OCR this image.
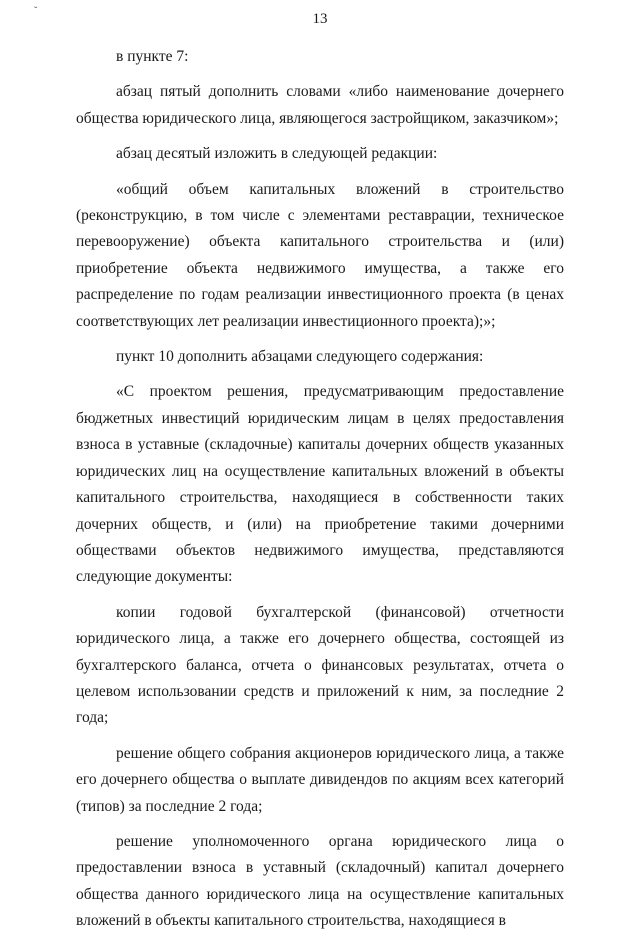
ˇ	13

в пункте 7:

абзац пятый дополнить словами «либо наименование дочернего общества юридического лица, являющегося застройщиком, заказчиком»;

абзац десятый изложить в следующей редакции:

«общий объем капитальных вложений в строительство (реконструкцию, в том числе с элементами реставрации, техническое перевооружение) объекта капитального строительства и (или) приобретение объекта недвижимого имущества, а также его распределение по годам реализации инвестиционного проекта (в ценах соответствующих лет реализации инвестиционного проекта);»;

пункт 10 дополнить абзацами следующего содержания:

«С проектом решения, предусматривающим предоставление бюджетных инвестиций юридическим лицам в целях предоставления взноса в уставные (складочные) капиталы дочерних обществ указанных юридических лиц на осуществление капитальных вложений в объекты капитального строительства, находящиеся в собственности таких дочерних обществ, и (или) на приобретение такими дочерними обществами объектов недвижимого имущества, представляются следующие документы:

копии годовой бухгалтерской (финансовой) отчетности юридического лица, а также его дочернего общества, состоящей из бухгалтерского баланса, отчета о финансовых результатах, отчета о целевом использовании средств и приложений к ним, за последние 2 года;

решение общего собрания акционеров юридического лица, а также его дочернего общества о выплате дивидендов по акциям всех категорий (типов) за последние 2 года;

решение уполномоченного органа юридического лица о предоставлении взноса в уставный (складочный) капитал дочернего общества данного юридического лица на осуществление капитальных вложений в объекты капитального строительства, находящиеся в
